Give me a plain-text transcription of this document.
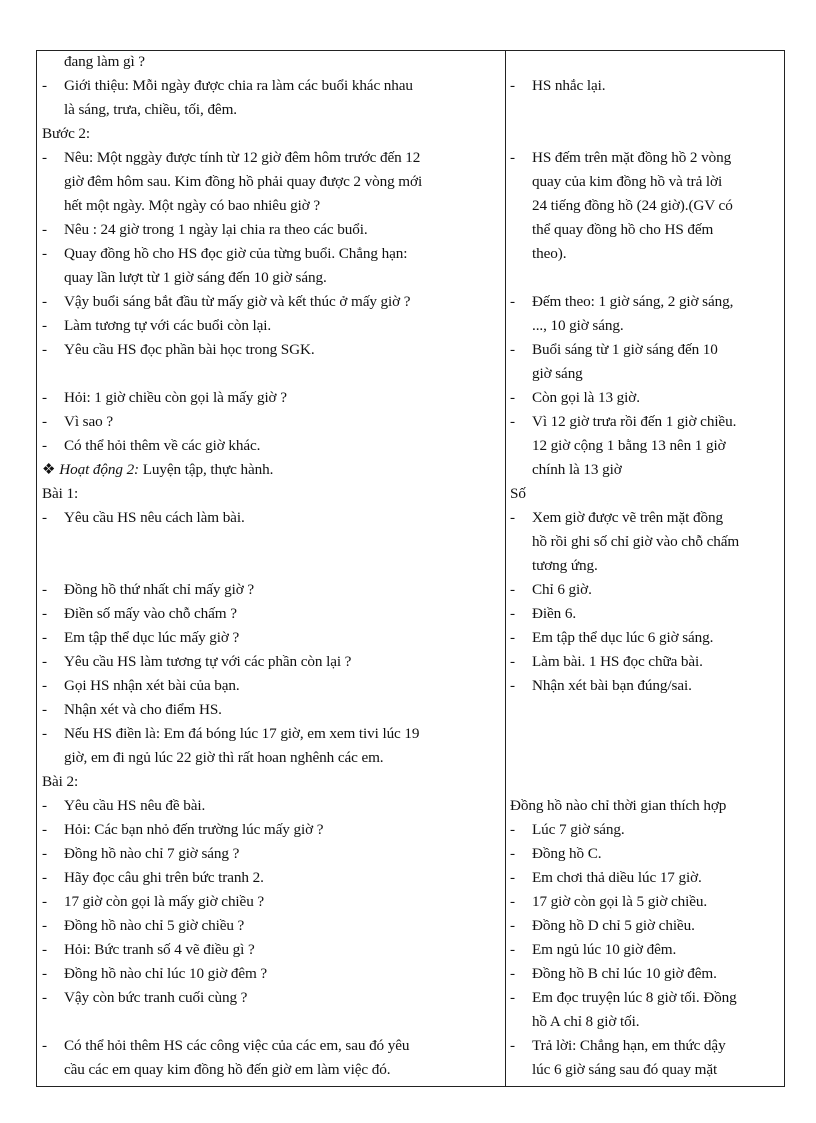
đang làm gì ?
- Giới thiệu: Mỗi ngày được chia ra làm các buổi khác nhau
là sáng, trưa, chiều, tối, đêm.
Bước 2:
- Nêu: Một nggày được tính từ 12 giờ đêm hôm trước đến 12
giờ đêm hôm sau. Kim đồng hồ phải quay được 2 vòng mới
hết một ngày. Một ngày có bao nhiêu giờ ?
- Nêu : 24 giờ trong 1 ngày lại chia ra theo các buổi.
- Quay đồng hồ cho HS đọc giờ của từng buổi. Chẳng hạn:
quay lần lượt từ 1 giờ sáng đến 10 giờ sáng.
- Vậy buổi sáng bắt đầu từ mấy giờ và kết thúc ở mấy giờ ?
- Làm tương tự với các buổi còn lại.
- Yêu cầu HS đọc phần bài học trong SGK.
- Hỏi: 1 giờ chiều còn gọi là mấy giờ ?
- Vì sao ?
- Có thể hỏi thêm về các giờ khác.
❖ Hoạt động 2: Luyện tập, thực hành.
Bài 1:
- Yêu cầu HS nêu cách làm bài.
- Đồng hồ thứ nhất chỉ mấy giờ ?
- Điền số mấy vào chỗ chấm ?
- Em tập thể dục lúc mấy giờ ?
- Yêu cầu HS làm tương tự với các phần còn lại ?
- Gọi HS nhận xét bài của bạn.
- Nhận xét và cho điểm HS.
- Nếu HS điền là: Em đá bóng lúc 17 giờ, em xem tivi lúc 19
giờ, em đi ngủ lúc 22 giờ thì rất hoan nghênh các em.
Bài 2:
- Yêu cầu HS nêu đề bài.
- Hỏi: Các bạn nhỏ đến trường lúc mấy giờ ?
- Đồng hồ nào chỉ 7 giờ sáng ?
- Hãy đọc câu ghi trên bức tranh 2.
- 17 giờ còn gọi là mấy giờ chiều ?
- Đồng hồ nào chỉ 5 giờ chiều ?
- Hỏi: Bức tranh số 4 vẽ điều gì ?
- Đồng hồ nào chỉ lúc 10 giờ đêm ?
- Vậy còn bức tranh cuối cùng ?
- Có thể hỏi thêm HS các công việc của các em, sau đó yêu
cầu các em quay kim đồng hồ đến giờ em làm việc đó.
- HS nhắc lại.
- HS đếm trên mặt đồng hồ 2 vòng
quay của kim đồng hồ và trả lời
24 tiếng đồng hồ (24 giờ).(GV có
thể quay đồng hồ cho HS đếm
theo).
- Đếm theo: 1 giờ sáng, 2 giờ sáng,
..., 10 giờ sáng.
- Buổi sáng từ 1 giờ sáng đến 10
giờ sáng
- Còn gọi là 13 giờ.
- Vì 12 giờ trưa rồi đến 1 giờ chiều.
12 giờ cộng 1 bằng 13 nên 1 giờ
chính là 13 giờ
Số
- Xem giờ được vẽ trên mặt đồng
hồ rồi ghi số chỉ giờ vào chỗ chấm
tương ứng.
- Chỉ 6 giờ.
- Điền 6.
- Em tập thể dục lúc 6 giờ sáng.
- Làm bài. 1 HS đọc chữa bài.
- Nhận xét bài bạn đúng/sai.
Đồng hồ nào chỉ thời gian thích hợp
- Lúc 7 giờ sáng.
- Đồng hồ C.
- Em chơi thả diều lúc 17 giờ.
- 17 giờ còn gọi là 5 giờ chiều.
- Đồng hồ D chỉ 5 giờ chiều.
- Em ngủ lúc 10 giờ đêm.
- Đồng hồ B chỉ lúc 10 giờ đêm.
- Em đọc truyện lúc 8 giờ tối. Đồng
hồ A chỉ 8 giờ tối.
- Trả lời: Chẳng hạn, em thức dậy
lúc 6 giờ sáng sau đó quay mặt
